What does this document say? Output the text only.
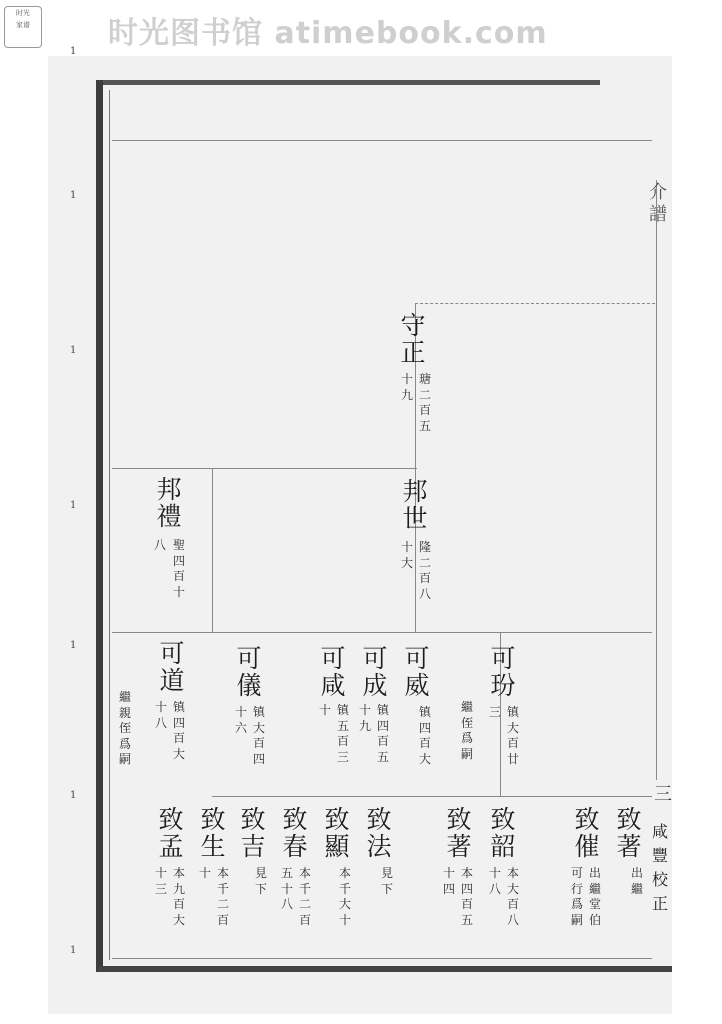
时光
家谱	时光图书馆 atimebook.com
1
1
1
1
1
1
1
介譜
三
咸豐校正
守正
十九
瑭二百五
邦禮
八 聖四百十
邦世
十大
隆二百八
可道
十八
镇四百大
繼親侄爲嗣
可儀
十六
镇大百四
可咸
十 镇五百三
可成
十九
镇四百五
可威
镇四百大
可玢
三 镇大百廿
繼侄爲嗣
致孟
十三
本九百大
致生
十 本千二百
致吉
見下
致春
五十八
本千二百
致顯
本千大十
致法
見下
致著
十四
本四百五
致韶
十八
本大百八
致催
出繼堂伯
可行爲嗣
致著
出繼
